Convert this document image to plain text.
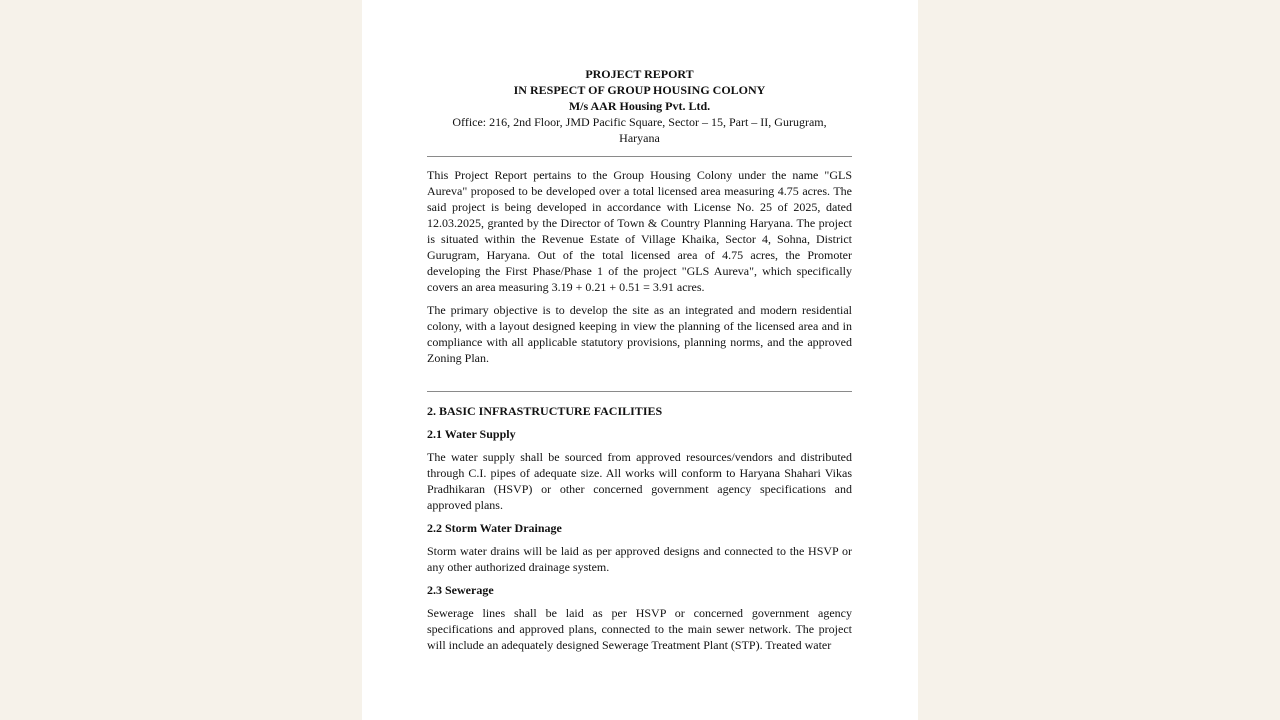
PROJECT REPORT
IN RESPECT OF GROUP HOUSING COLONY
M/s AAR Housing Pvt. Ltd.
Office: 216, 2nd Floor, JMD Pacific Square, Sector – 15, Part – II, Gurugram,
Haryana

This Project Report pertains to the Group Housing Colony under the name "GLS Aureva" proposed to be developed over a total licensed area measuring 4.75 acres. The said project is being developed in accordance with License No. 25 of 2025, dated 12.03.2025, granted by the Director of Town & Country Planning Haryana. The project is situated within the Revenue Estate of Village Khaika, Sector 4, Sohna, District Gurugram, Haryana. Out of the total licensed area of 4.75 acres, the Promoter developing the First Phase/Phase 1 of the project "GLS Aureva", which specifically covers an area measuring 3.19 + 0.21 + 0.51 = 3.91 acres.

The primary objective is to develop the site as an integrated and modern residential colony, with a layout designed keeping in view the planning of the licensed area and in compliance with all applicable statutory provisions, planning norms, and the approved Zoning Plan.

2. BASIC INFRASTRUCTURE FACILITIES
2.1 Water Supply

The water supply shall be sourced from approved resources/vendors and distributed through C.I. pipes of adequate size. All works will conform to Haryana Shahari Vikas Pradhikaran (HSVP) or other concerned government agency specifications and approved plans.

2.2 Storm Water Drainage

Storm water drains will be laid as per approved designs and connected to the HSVP or any other authorized drainage system.

2.3 Sewerage

Sewerage lines shall be laid as per HSVP or concerned government agency specifications and approved plans, connected to the main sewer network. The project will include an adequately designed Sewerage Treatment Plant (STP). Treated water
